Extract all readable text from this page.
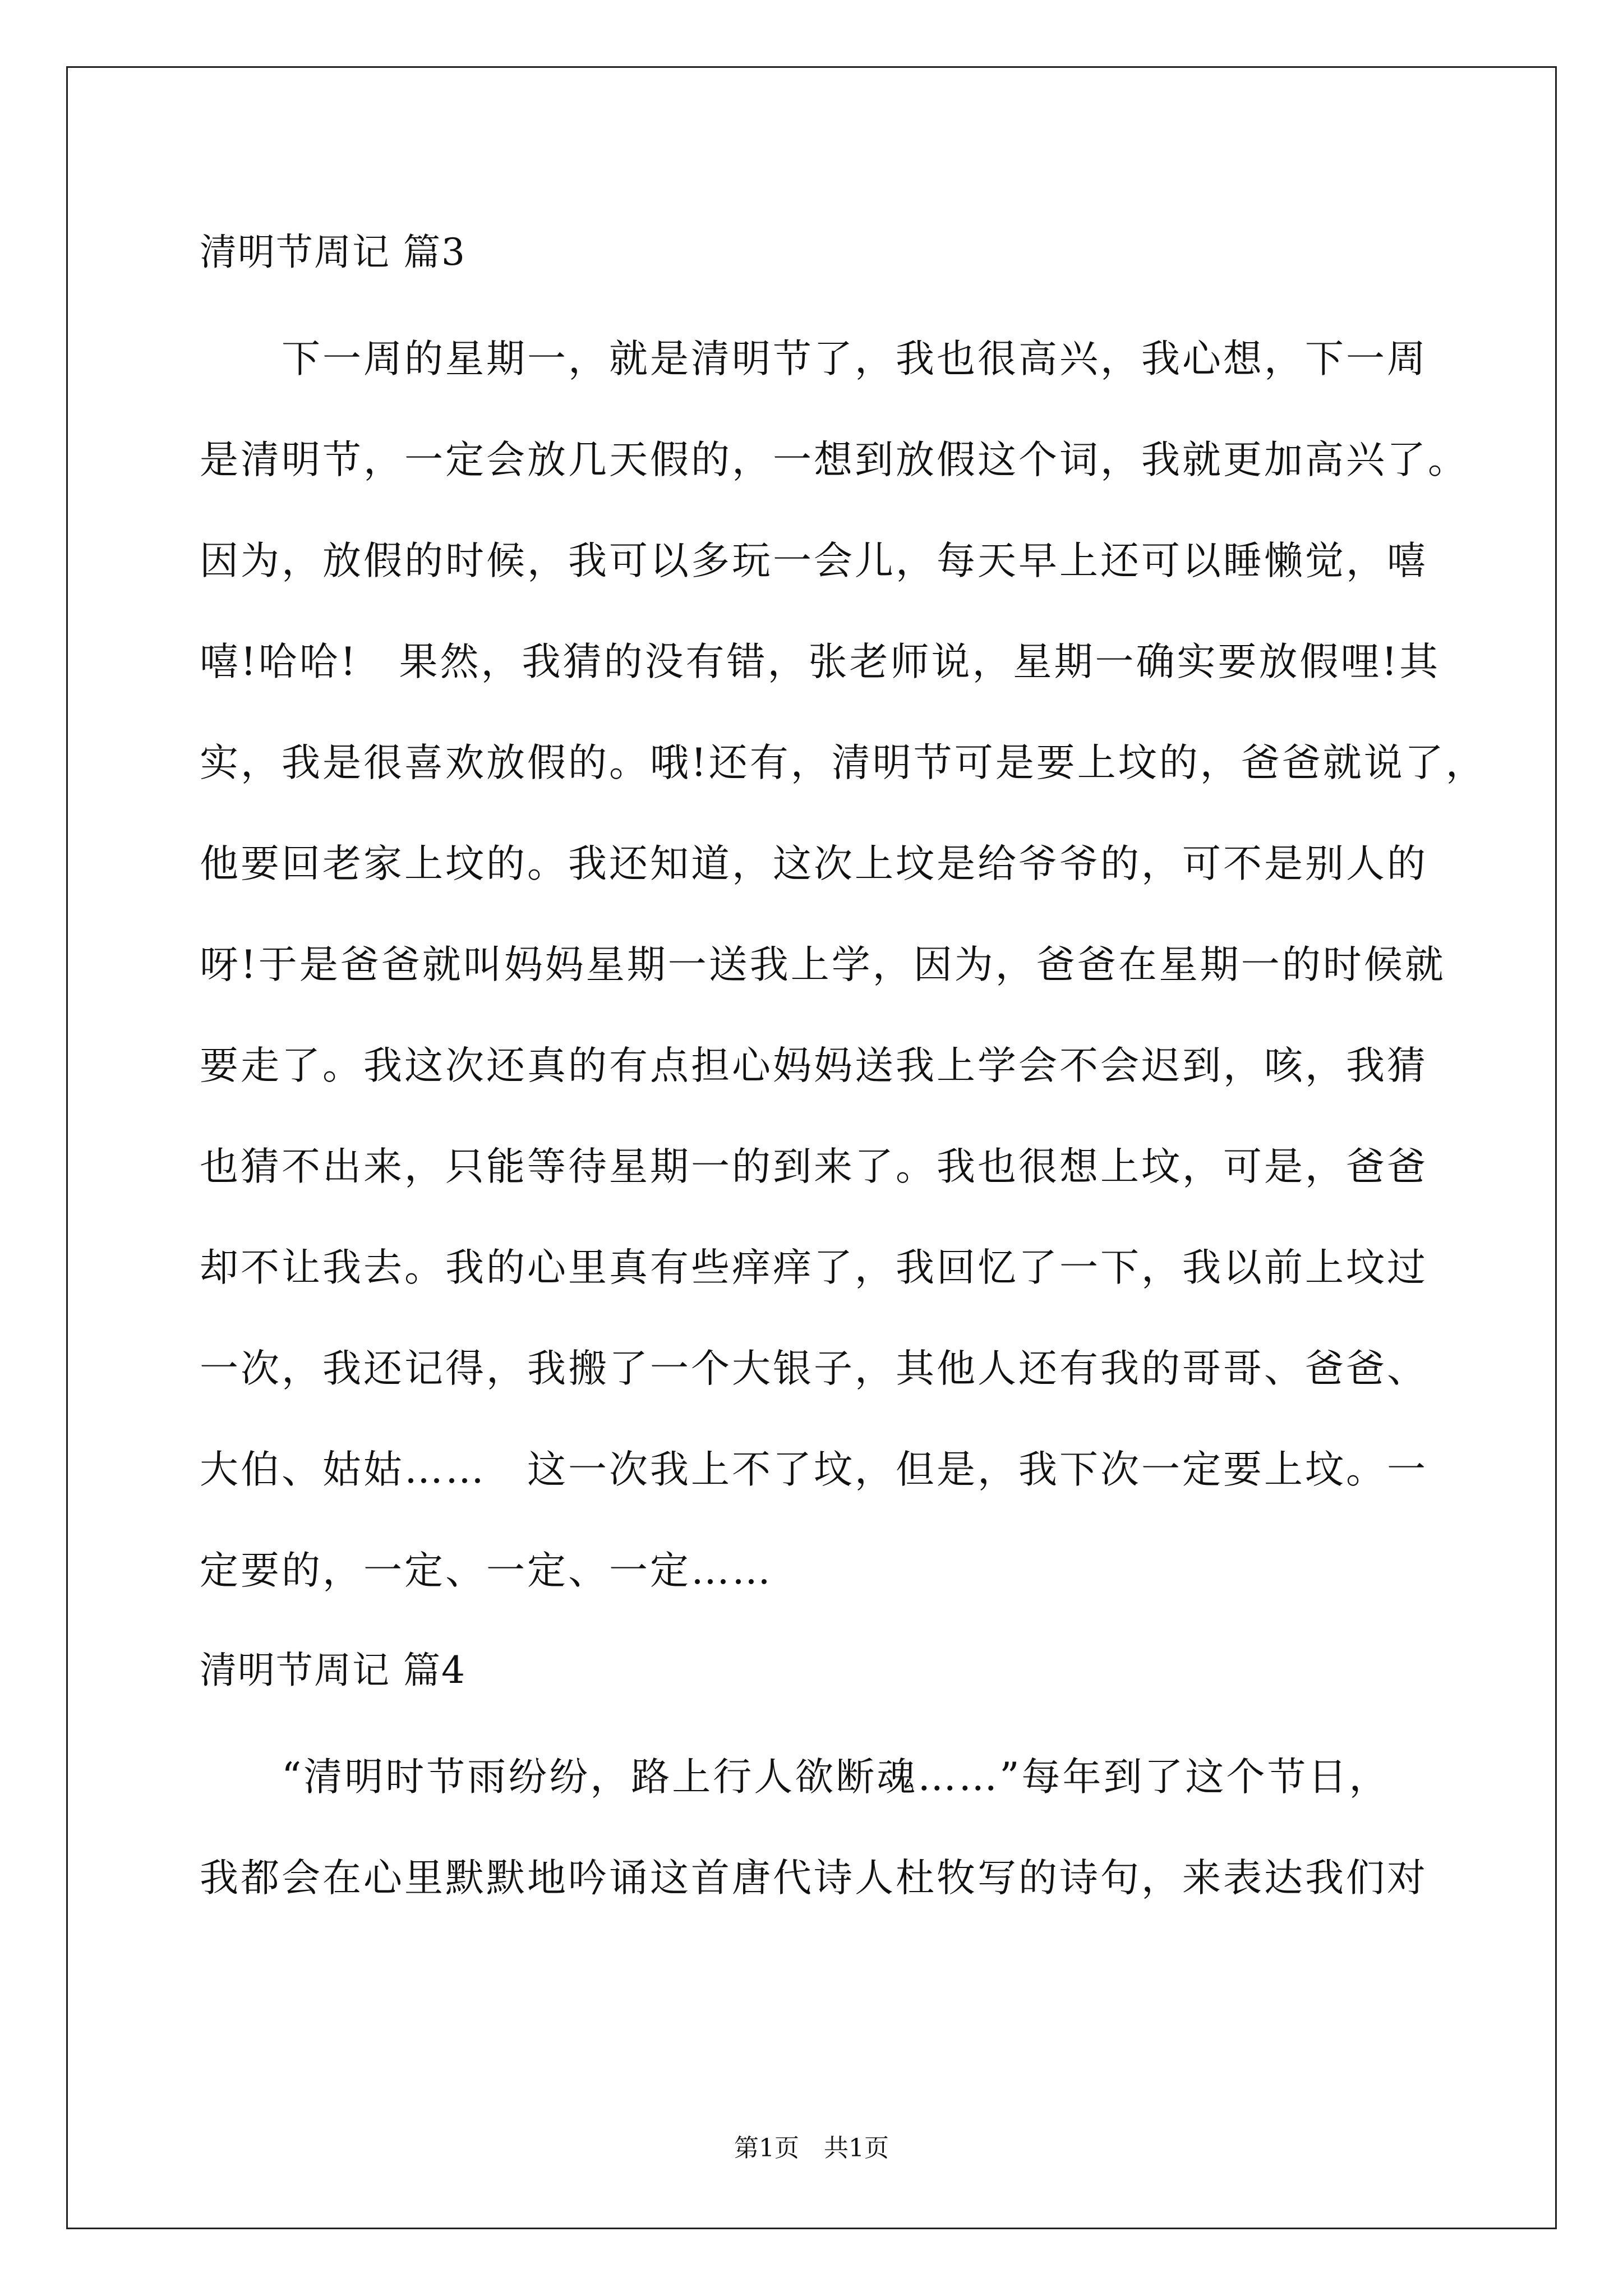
清明节周记 篇3
　　下一周的星期一，就是清明节了，我也很高兴，我心想，下一周
是清明节，一定会放几天假的，一想到放假这个词，我就更加高兴了。
因为，放假的时候，我可以多玩一会儿，每天早上还可以睡懒觉，嘻
嘻!哈哈!　果然，我猜的没有错，张老师说，星期一确实要放假哩!其
实，我是很喜欢放假的。哦!还有，清明节可是要上坟的，爸爸就说了，
他要回老家上坟的。我还知道，这次上坟是给爷爷的，可不是别人的
呀!于是爸爸就叫妈妈星期一送我上学，因为，爸爸在星期一的时候就
要走了。我这次还真的有点担心妈妈送我上学会不会迟到，咳，我猜
也猜不出来，只能等待星期一的到来了。我也很想上坟，可是，爸爸
却不让我去。我的心里真有些痒痒了，我回忆了一下，我以前上坟过
一次，我还记得，我搬了一个大银子，其他人还有我的哥哥、爸爸、
大伯、姑姑……　这一次我上不了坟，但是，我下次一定要上坟。一
定要的，一定、一定、一定……
清明节周记 篇4
　　“清明时节雨纷纷，路上行人欲断魂……”每年到了这个节日，
我都会在心里默默地吟诵这首唐代诗人杜牧写的诗句，来表达我们对
第1页　共1页
